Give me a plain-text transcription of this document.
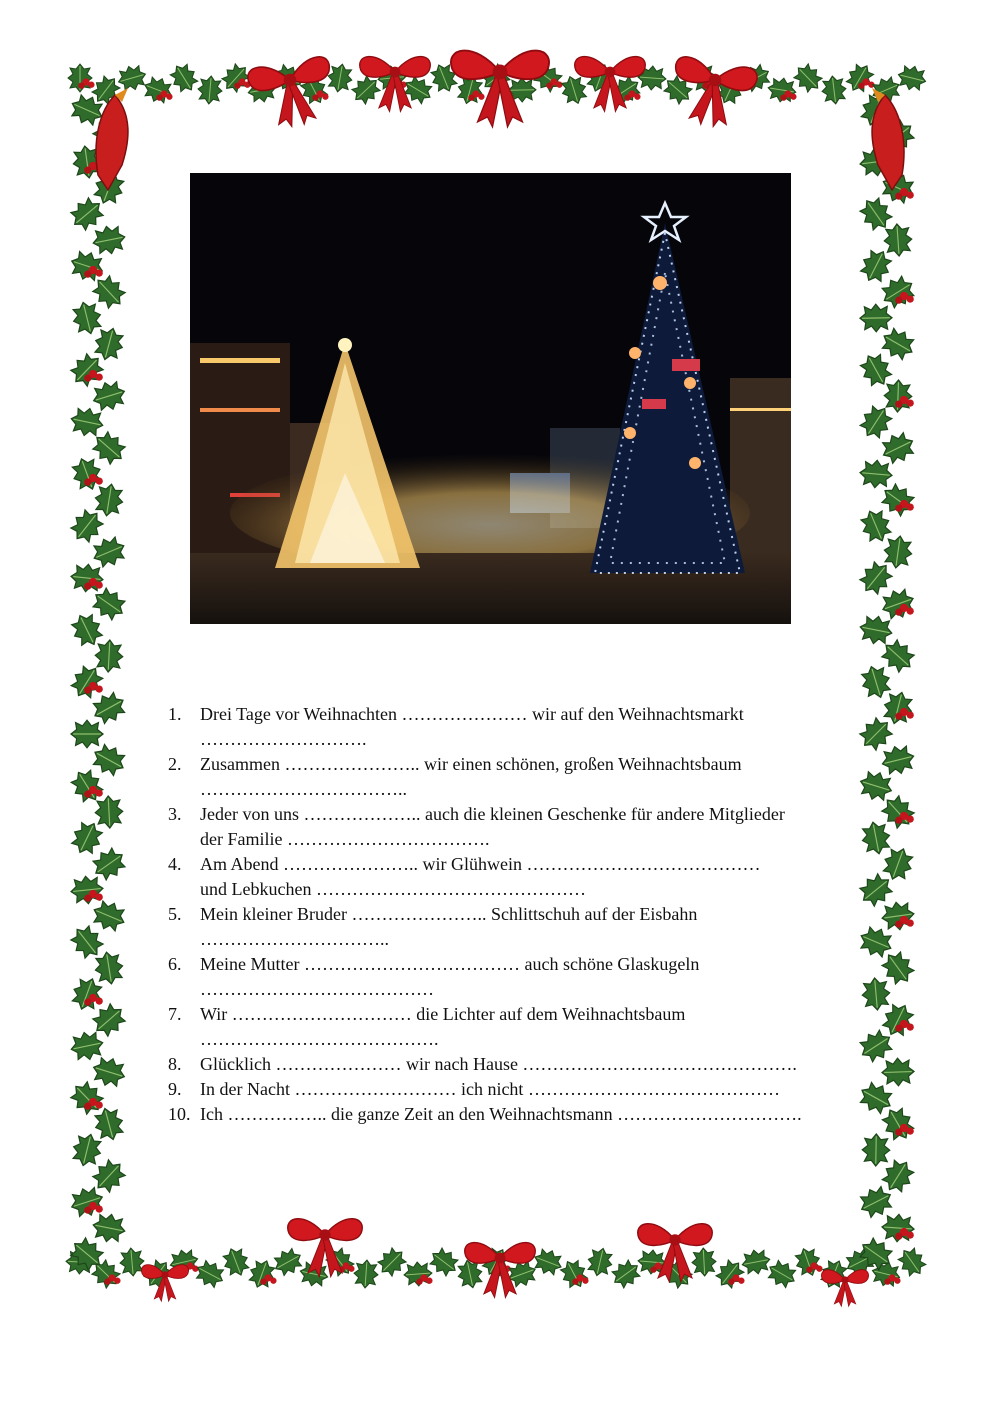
1. Drei Tage vor Weihnachten ………………… wir auf den Weihnachtsmarkt
……………………….
2. Zusammen ………………….. wir einen schönen, großen Weihnachtsbaum
……………………………..
3. Jeder von uns ……………….. auch die kleinen Geschenke für andere Mitglieder
der Familie …………………………….
4. Am Abend ………………….. wir Glühwein …………………………………
und Lebkuchen ………………………………………
5. Mein kleiner Bruder ………………….. Schlittschuh auf der Eisbahn
…………………………..
6. Meine Mutter ……………………………… auch schöne Glaskugeln
…………………………………
7. Wir ………………………… die Lichter auf dem Weihnachtsbaum
………………………………….
8. Glücklich ………………… wir nach Hause ……………………………………….
9. In der Nacht ……………………… ich nicht ……………………………………
10. Ich …………….. die ganze Zeit an den Weihnachtsmann ………………………….
